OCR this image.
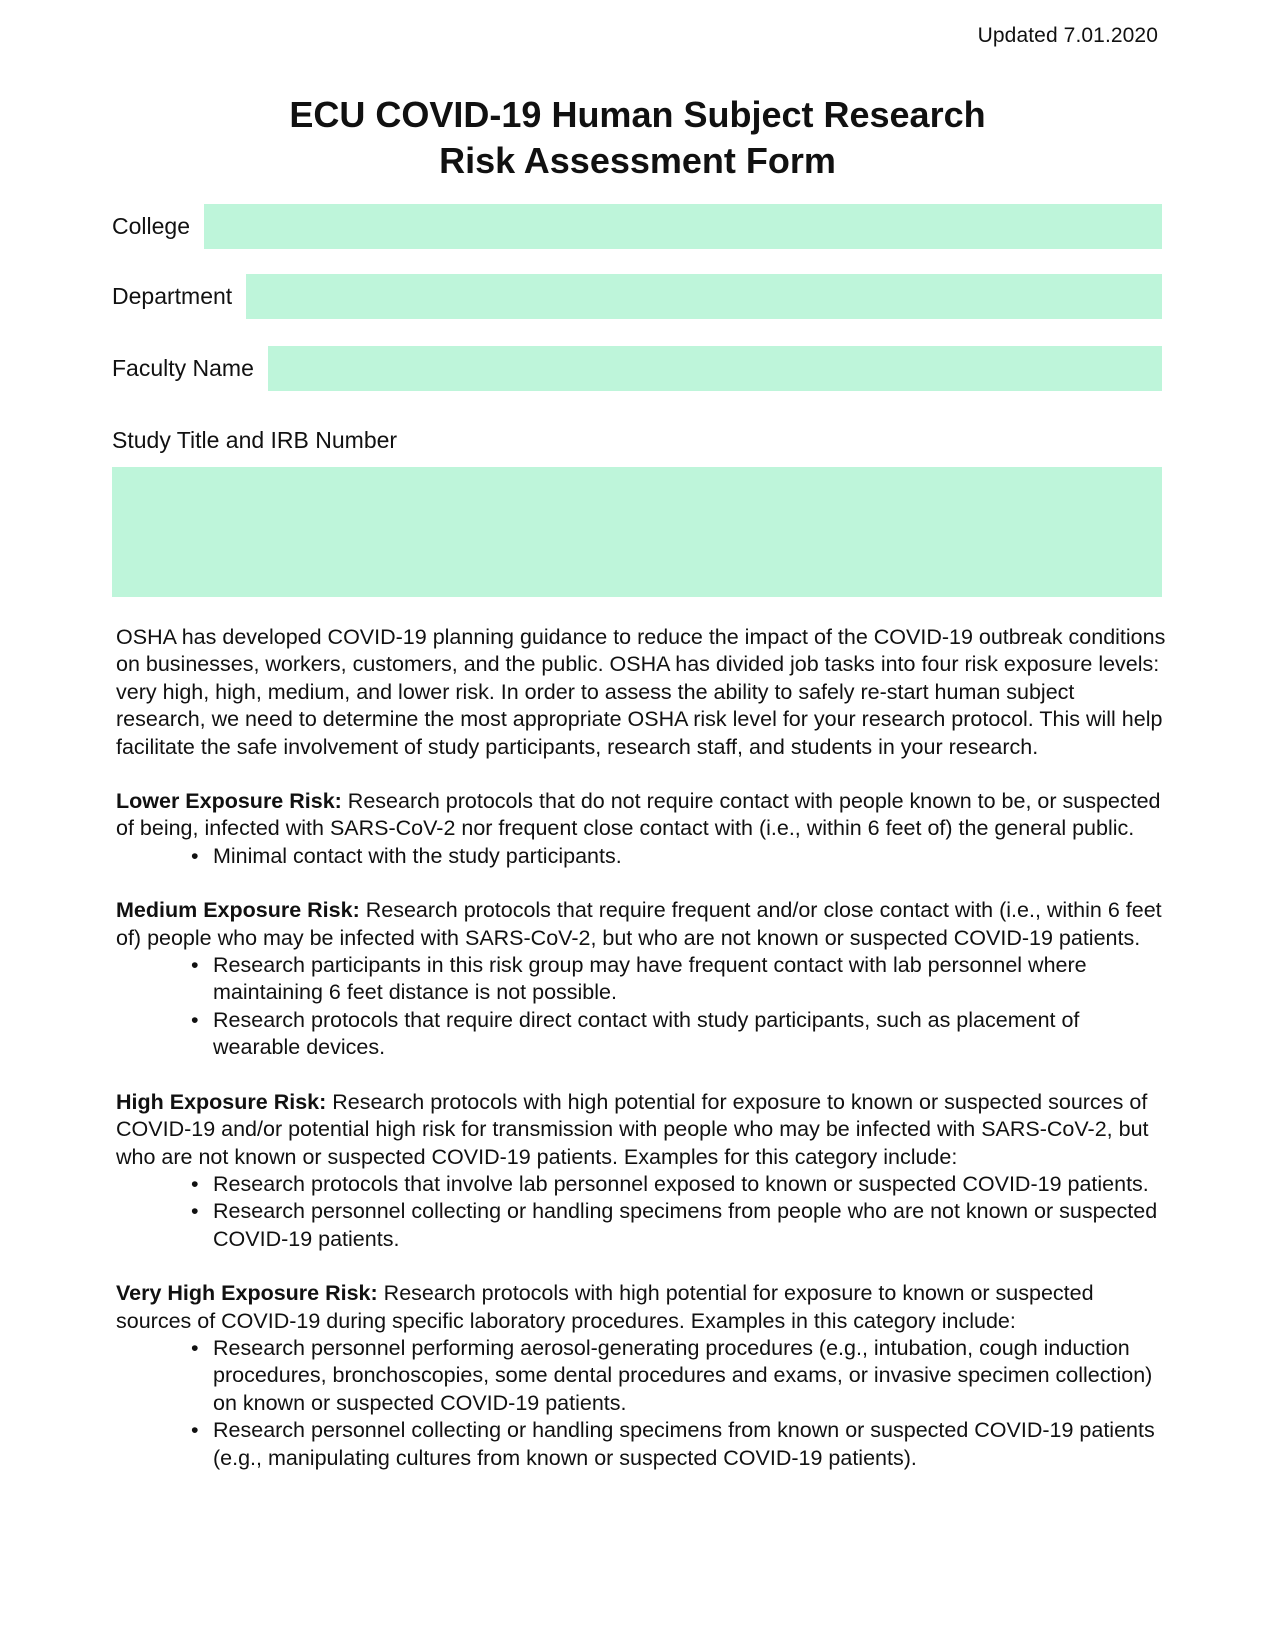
Updated 7.01.2020
ECU COVID-19 Human Subject Research
Risk Assessment Form
College
Department
Faculty Name
Study Title and IRB Number

OSHA has developed COVID-19 planning guidance to reduce the impact of the COVID-19 outbreak conditions on businesses, workers, customers, and the public. OSHA has divided job tasks into four risk exposure levels: very high, high, medium, and lower risk. In order to assess the ability to safely re-start human subject research, we need to determine the most appropriate OSHA risk level for your research protocol. This will help facilitate the safe involvement of study participants, research staff, and students in your research.

Lower Exposure Risk: Research protocols that do not require contact with people known to be, or suspected of being, infected with SARS-CoV-2 nor frequent close contact with (i.e., within 6 feet of) the general public.

• Minimal contact with the study participants.

Medium Exposure Risk: Research protocols that require frequent and/or close contact with (i.e., within 6 feet of) people who may be infected with SARS-CoV-2, but who are not known or suspected COVID-19 patients.

• Research participants in this risk group may have frequent contact with lab personnel where maintaining 6 feet distance is not possible.
• Research protocols that require direct contact with study participants, such as placement of wearable devices.

High Exposure Risk: Research protocols with high potential for exposure to known or suspected sources of COVID-19 and/or potential high risk for transmission with people who may be infected with SARS-CoV-2, but who are not known or suspected COVID-19 patients. Examples for this category include:

• Research protocols that involve lab personnel exposed to known or suspected COVID-19 patients.
• Research personnel collecting or handling specimens from people who are not known or suspected COVID-19 patients.

Very High Exposure Risk: Research protocols with high potential for exposure to known or suspected sources of COVID-19 during specific laboratory procedures. Examples in this category include:

• Research personnel performing aerosol-generating procedures (e.g., intubation, cough induction procedures, bronchoscopies, some dental procedures and exams, or invasive specimen collection) on known or suspected COVID-19 patients.
• Research personnel collecting or handling specimens from known or suspected COVID-19 patients (e.g., manipulating cultures from known or suspected COVID-19 patients).
